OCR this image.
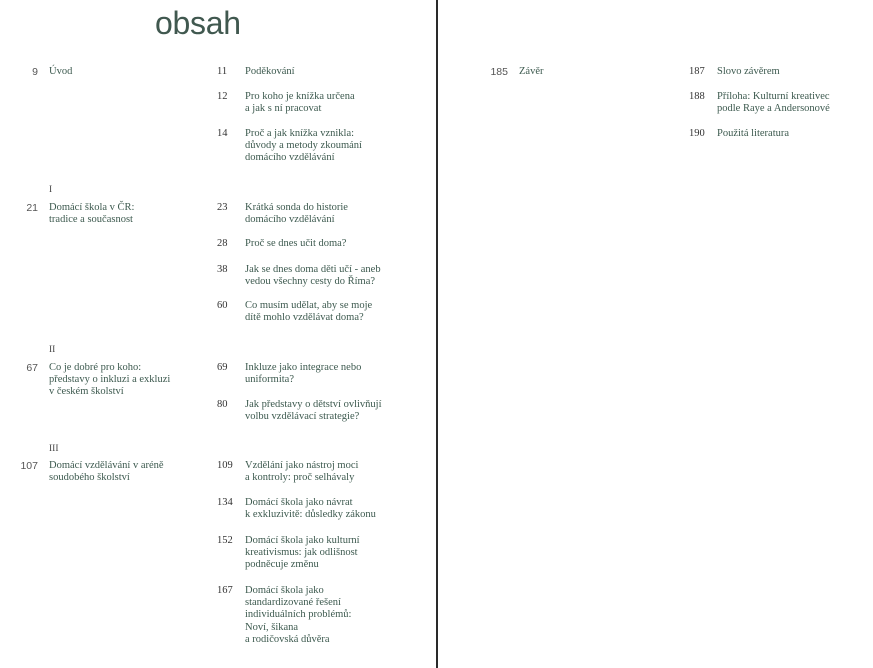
obsah
I
II
III
9 Úvod
21 Domácí škola v ČR:
tradice a současnost
67 Co je dobré pro koho:
představy o inkluzi a exkluzi
v českém školství
107 Domácí vzdělávání v aréně
soudobého školství
185 Závěr
11 Poděkování
12 Pro koho je knížka určena
a jak s ní pracovat
14 Proč a jak knížka vznikla:
důvody a metody zkoumání
domácího vzdělávání
23 Krátká sonda do historie
domácího vzdělávání
28 Proč se dnes učit doma?
38 Jak se dnes doma děti učí - aneb
vedou všechny cesty do Říma?
60 Co musím udělat, aby se moje
dítě mohlo vzdělávat doma?
69 Inkluze jako integrace nebo
uniformita?
80 Jak představy o dětství ovlivňují
volbu vzdělávací strategie?
109 Vzdělání jako nástroj moci
a kontroly: proč selhávaly
134 Domácí škola jako návrat
k exkluzivitě: důsledky zákonu
152 Domácí škola jako kulturní
kreativismus: jak odlišnost
podněcuje změnu
167 Domácí škola jako
standardizované řešení
individuálních problémů:
Noví, šikana
a rodičovská důvěra
187 Slovo závěrem
188 Příloha: Kulturní kreativec
podle Raye a Andersonové
190 Použitá literatura
